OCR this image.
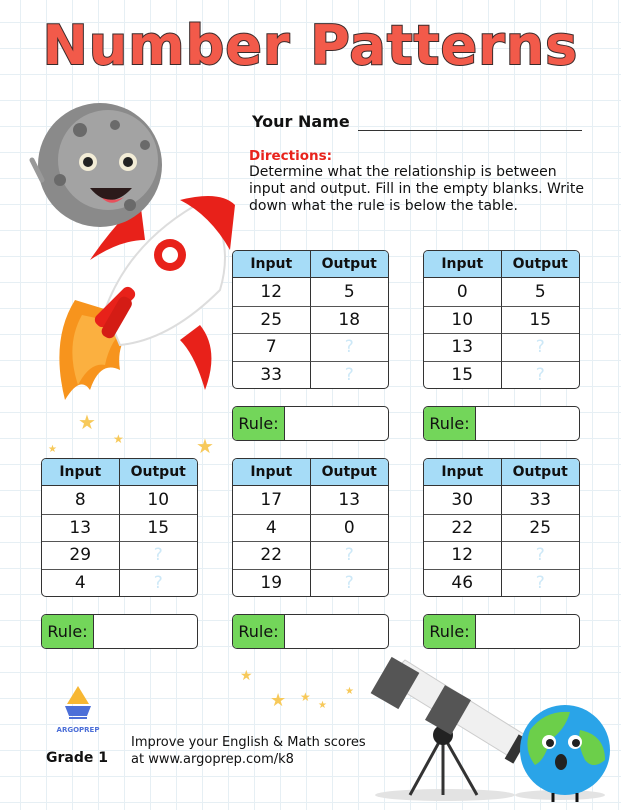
Number Patterns
★
★	★
★
★
★
★
★
★
Your Name
Directions:
Determine what the relationship is between input and output. Fill in the empty blanks. Write down what the rule is below the table.
Input	Output
12	5
25	18
7	?
33	?
Rule:
Input	Output
0	5
10	15
13	?
15	?
Rule:
Input	Output
8	10
13	15
29	?
4	?
Rule:
Input	Output
17	13
4	0
22	?
19	?
Rule:
Input	Output
30	33
22	25
12	?
46	?
Rule:
ARGOPREP
Grade 1
Improve your English & Math scores
at www.argoprep.com/k8
